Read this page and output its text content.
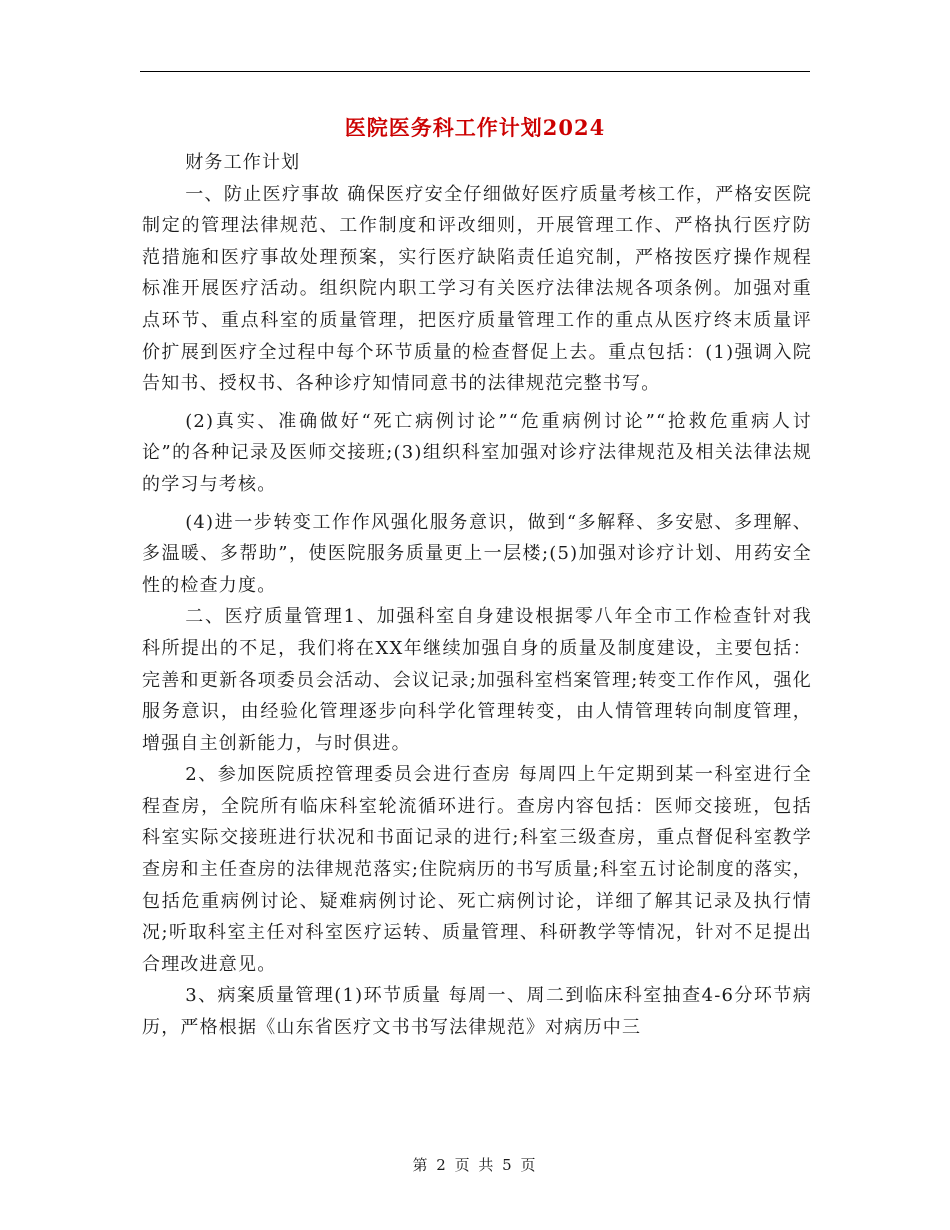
医院医务科工作计划2024

财务工作计划

一、防止医疗事故 确保医疗安全仔细做好医疗质量考核工作，严格安医院制定的管理法律规范、工作制度和评改细则，开展管理工作、严格执行医疗防范措施和医疗事故处理预案，实行医疗缺陷责任追究制，严格按医疗操作规程标准开展医疗活动。组织院内职工学习有关医疗法律法规各项条例。加强对重点环节、重点科室的质量管理，把医疗质量管理工作的重点从医疗终末质量评价扩展到医疗全过程中每个环节质量的检查督促上去。重点包括：(1)强调入院告知书、授权书、各种诊疗知情同意书的法律规范完整书写。

(2)真实、准确做好“死亡病例讨论”“危重病例讨论”“抢救危重病人讨论”的各种记录及医师交接班;(3)组织科室加强对诊疗法律规范及相关法律法规的学习与考核。

(4)进一步转变工作作风强化服务意识，做到“多解释、多安慰、多理解、多温暖、多帮助”，使医院服务质量更上一层楼;(5)加强对诊疗计划、用药安全性的检查力度。

二、医疗质量管理1、加强科室自身建设根据零八年全市工作检查针对我科所提出的不足，我们将在XX年继续加强自身的质量及制度建设，主要包括：完善和更新各项委员会活动、会议记录;加强科室档案管理;转变工作作风，强化服务意识，由经验化管理逐步向科学化管理转变，由人情管理转向制度管理，增强自主创新能力，与时俱进。

2、参加医院质控管理委员会进行查房 每周四上午定期到某一科室进行全程查房，全院所有临床科室轮流循环进行。查房内容包括：医师交接班，包括科室实际交接班进行状况和书面记录的进行;科室三级查房，重点督促科室教学查房和主任查房的法律规范落实;住院病历的书写质量;科室五讨论制度的落实，包括危重病例讨论、疑难病例讨论、死亡病例讨论，详细了解其记录及执行情况;听取科室主任对科室医疗运转、质量管理、科研教学等情况，针对不足提出合理改进意见。

3、病案质量管理(1)环节质量 每周一、周二到临床科室抽查4-6分环节病历，严格根据《山东省医疗文书书写法律规范》对病历中三

第 2 页 共 5 页
